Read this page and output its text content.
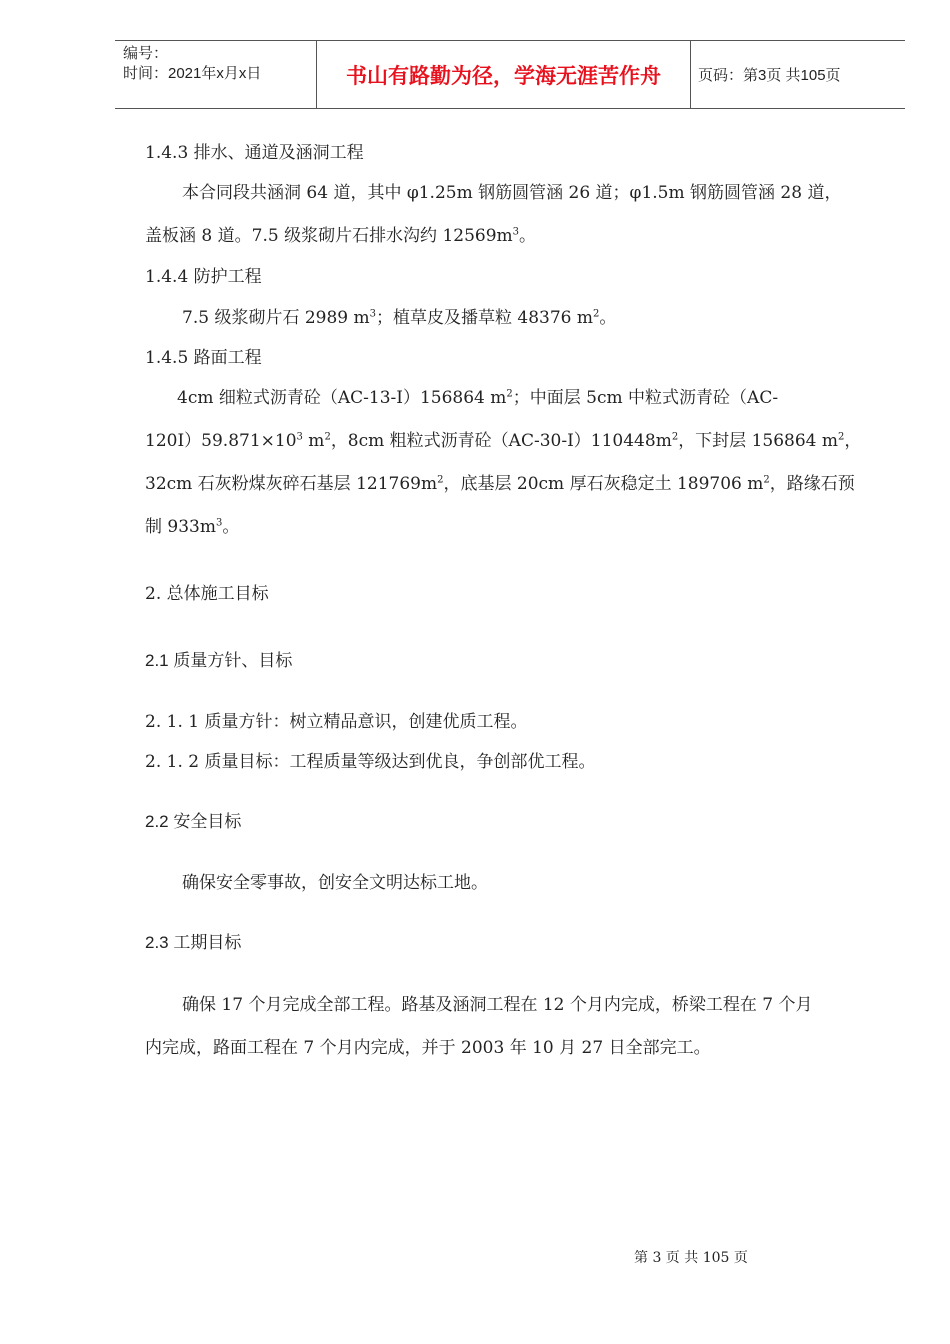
编号：
时间：2021年x月x日	书山有路勤为径，学海无涯苦作舟	页码：第3页 共105页
1.4.3 排水、通道及涵洞工程
本合同段共涵洞 64 道，其中 φ1.25m 钢筋圆管涵 26 道；φ1.5m 钢筋圆管涵 28 道，
盖板涵 8 道。7.5 级浆砌片石排水沟约 $12569m^3$。
1.4.4 防护工程
7.5 级浆砌片石 2989 $m^3$；植草皮及播草粒 48376 $m^2$。
1.4.5 路面工程
4cm 细粒式沥青砼（AC-13-I）156864 $m^2$；中面层 5cm 中粒式沥青砼（AC-
$120I)59.871\times 10^3$ $m^2$，8cm 粗粒式沥青砼$(AC-30-I)110448m^2$，下封层 156864 $m^2$，
32cm 石灰粉煤灰碎石基层 $121769m^2$，底基层 20cm 厚石灰稳定土 189706 $m^2$，路缘石预
制 $933m^3$。
2. 总体施工目标
2.1 质量方针、目标
2. 1. 1 质量方针：树立精品意识，创建优质工程。
2. 1. 2 质量目标：工程质量等级达到优良，争创部优工程。
2.2 安全目标
确保安全零事故，创安全文明达标工地。
2.3 工期目标
确保 17 个月完成全部工程。路基及涵洞工程在 12 个月内完成，桥梁工程在 7 个月
内完成，路面工程在 7 个月内完成，并于 2003 年 10 月 27 日全部完工。
第 3 页 共 105 页
